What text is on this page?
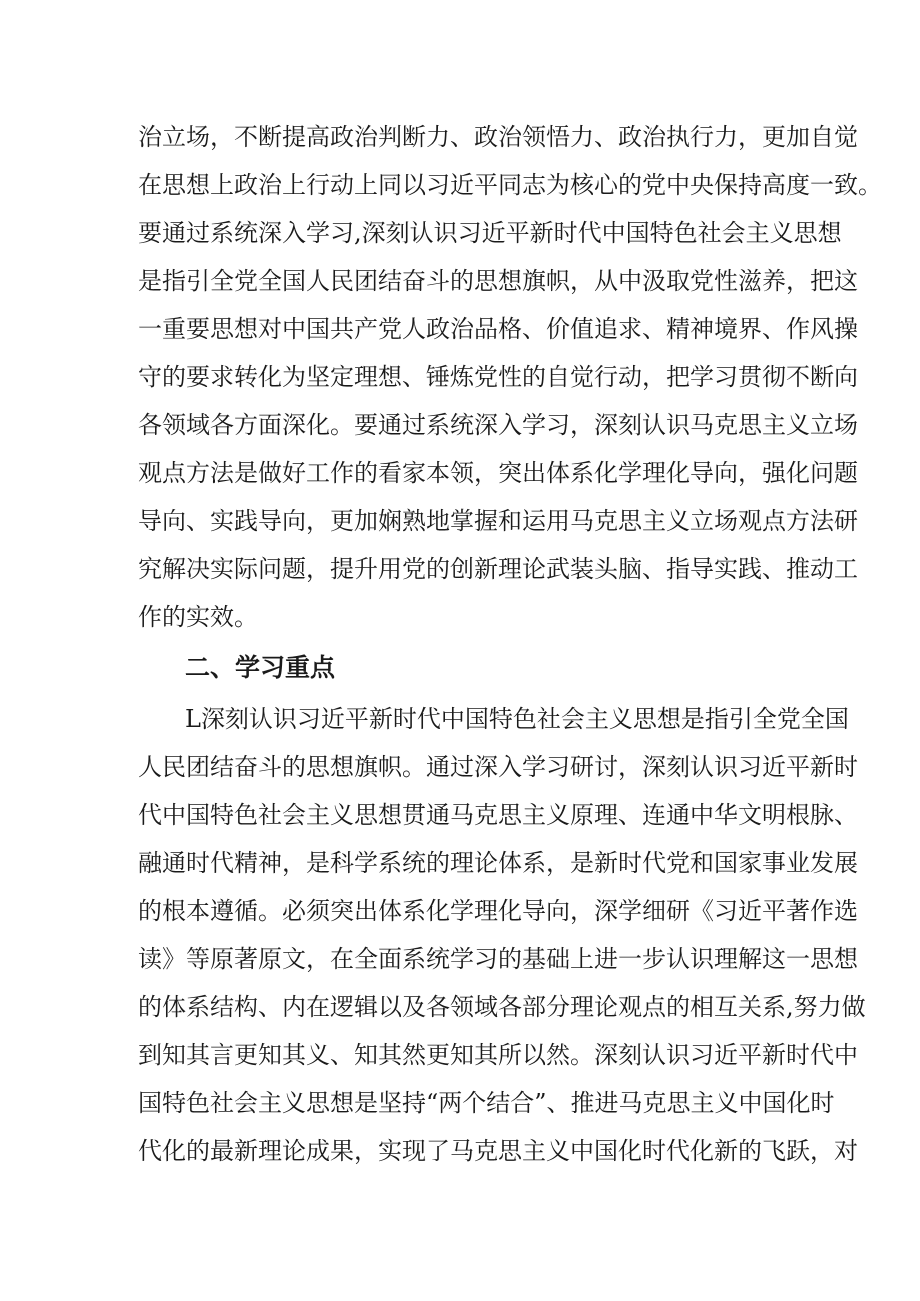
治立场，不断提高政治判断力、政治领悟力、政治执行力，更加自觉
在思想上政治上行动上同以习近平同志为核心的党中央保持高度一致。
要通过系统深入学习,深刻认识习近平新时代中国特色社会主义思想
是指引全党全国人民团结奋斗的思想旗帜，从中汲取党性滋养，把这
一重要思想对中国共产党人政治品格、价值追求、精神境界、作风操
守的要求转化为坚定理想、锤炼党性的自觉行动，把学习贯彻不断向
各领域各方面深化。要通过系统深入学习，深刻认识马克思主义立场
观点方法是做好工作的看家本领，突出体系化学理化导向，强化问题
导向、实践导向，更加娴熟地掌握和运用马克思主义立场观点方法研
究解决实际问题，提升用党的创新理论武装头脑、指导实践、推动工
作的实效。
二、学习重点
L深刻认识习近平新时代中国特色社会主义思想是指引全党全国
人民团结奋斗的思想旗帜。通过深入学习研讨，深刻认识习近平新时
代中国特色社会主义思想贯通马克思主义原理、连通中华文明根脉、
融通时代精神，是科学系统的理论体系，是新时代党和国家事业发展
的根本遵循。必须突出体系化学理化导向，深学细研《习近平著作选
读》等原著原文，在全面系统学习的基础上进一步认识理解这一思想
的体系结构、内在逻辑以及各领域各部分理论观点的相互关系,努力做
到知其言更知其义、知其然更知其所以然。深刻认识习近平新时代中
国特色社会主义思想是坚持“两个结合”、推进马克思主义中国化时
代化的最新理论成果，实现了马克思主义中国化时代化新的飞跃，对
